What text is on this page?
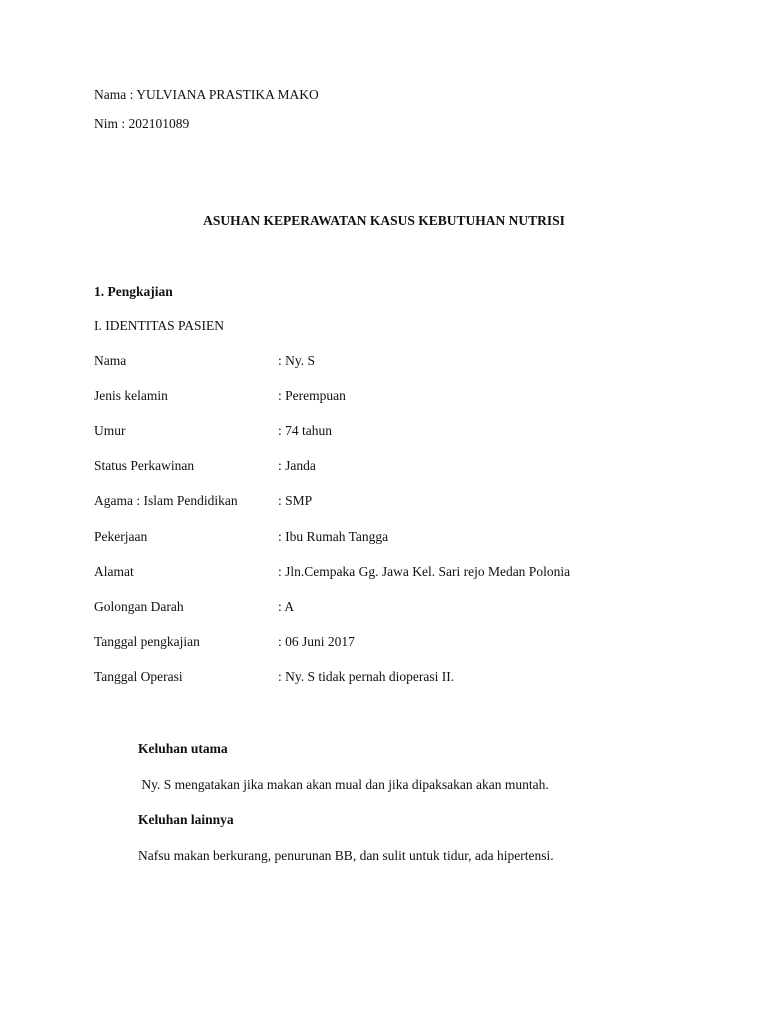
Nama : YULVIANA PRASTIKA MAKO
Nim : 202101089
ASUHAN KEPERAWATAN KASUS KEBUTUHAN NUTRISI
1. Pengkajian
I. IDENTITAS PASIEN
Nama	: Ny. S
Jenis kelamin	: Perempuan
Umur	: 74 tahun
Status Perkawinan	: Janda
Agama : Islam Pendidikan	: SMP
Pekerjaan	: Ibu Rumah Tangga
Alamat	: Jln.Cempaka Gg. Jawa Kel. Sari rejo Medan Polonia
Golongan Darah	: A
Tanggal pengkajian	: 06 Juni 2017
Tanggal Operasi	: Ny. S tidak pernah dioperasi II.
Keluhan utama
Ny. S mengatakan jika makan akan mual dan jika dipaksakan akan muntah.
Keluhan lainnya
Nafsu makan berkurang, penurunan BB, dan sulit untuk tidur, ada hipertensi.
